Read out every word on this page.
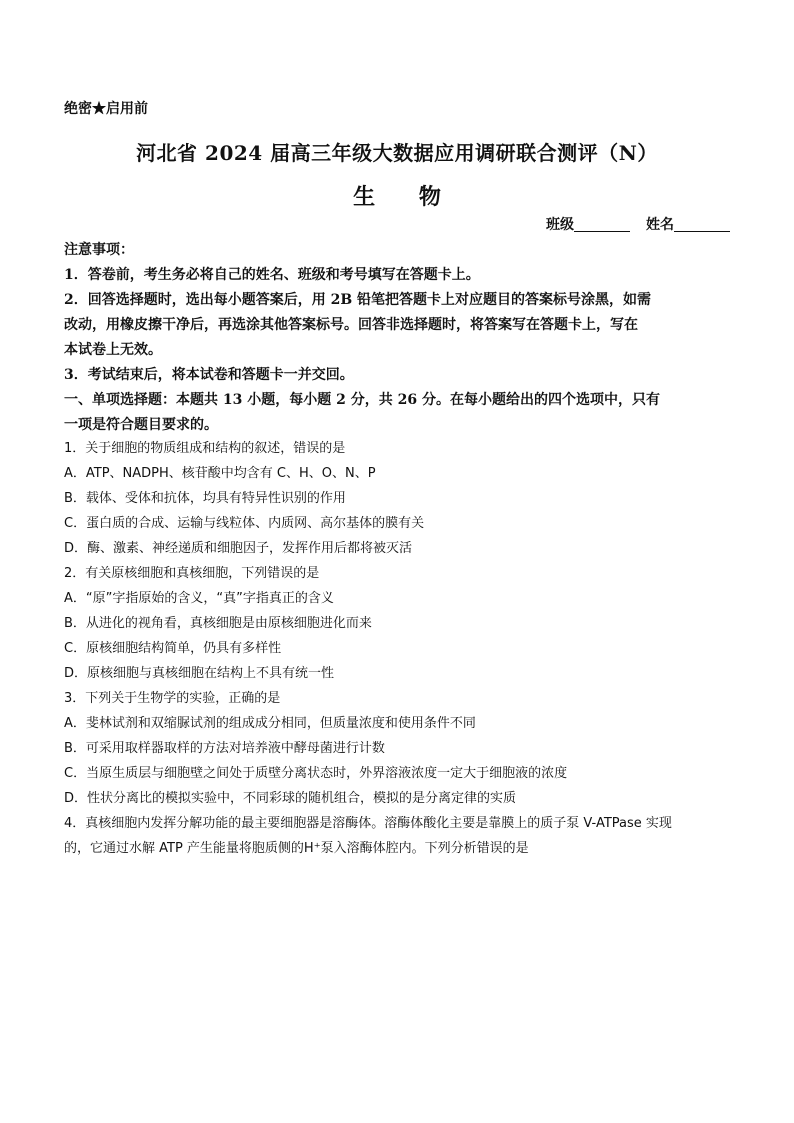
绝密★启用前
河北省 2024 届高三年级大数据应用调研联合测评（N）
生 物
班级	姓名

注意事项：

1．答卷前，考生务必将自己的姓名、班级和考号填写在答题卡上。

2．回答选择题时，选出每小题答案后，用 2B 铅笔把答题卡上对应题目的答案标号涂黑，如需

改动，用橡皮擦干净后，再选涂其他答案标号。回答非选择题时，将答案写在答题卡上，写在

本试卷上无效。

3．考试结束后，将本试卷和答题卡一并交回。

一、单项选择题：本题共 13 小题，每小题 2 分，共 26 分。在每小题给出的四个选项中，只有

一项是符合题目要求的。

1．关于细胞的物质组成和结构的叙述，错误的是

A．ATP、NADPH、核苷酸中均含有 C、H、O、N、P

B．载体、受体和抗体，均具有特异性识别的作用

C．蛋白质的合成、运输与线粒体、内质网、高尔基体的膜有关

D．酶、激素、神经递质和细胞因子，发挥作用后都将被灭活

2．有关原核细胞和真核细胞，下列错误的是

A．“原”字指原始的含义，“真”字指真正的含义

B．从进化的视角看，真核细胞是由原核细胞进化而来

C．原核细胞结构简单，仍具有多样性

D．原核细胞与真核细胞在结构上不具有统一性

3．下列关于生物学的实验，正确的是

A．斐林试剂和双缩脲试剂的组成成分相同，但质量浓度和使用条件不同

B．可采用取样器取样的方法对培养液中酵母菌进行计数

C．当原生质层与细胞壁之间处于质壁分离状态时，外界溶液浓度一定大于细胞液的浓度

D．性状分离比的模拟实验中，不同彩球的随机组合，模拟的是分离定律的实质

4．真核细胞内发挥分解功能的最主要细胞器是溶酶体。溶酶体酸化主要是靠膜上的质子泵 V-ATPase 实现

的，它通过水解 ATP 产生能量将胞质侧的H⁺泵入溶酶体腔内。下列分析错误的是
